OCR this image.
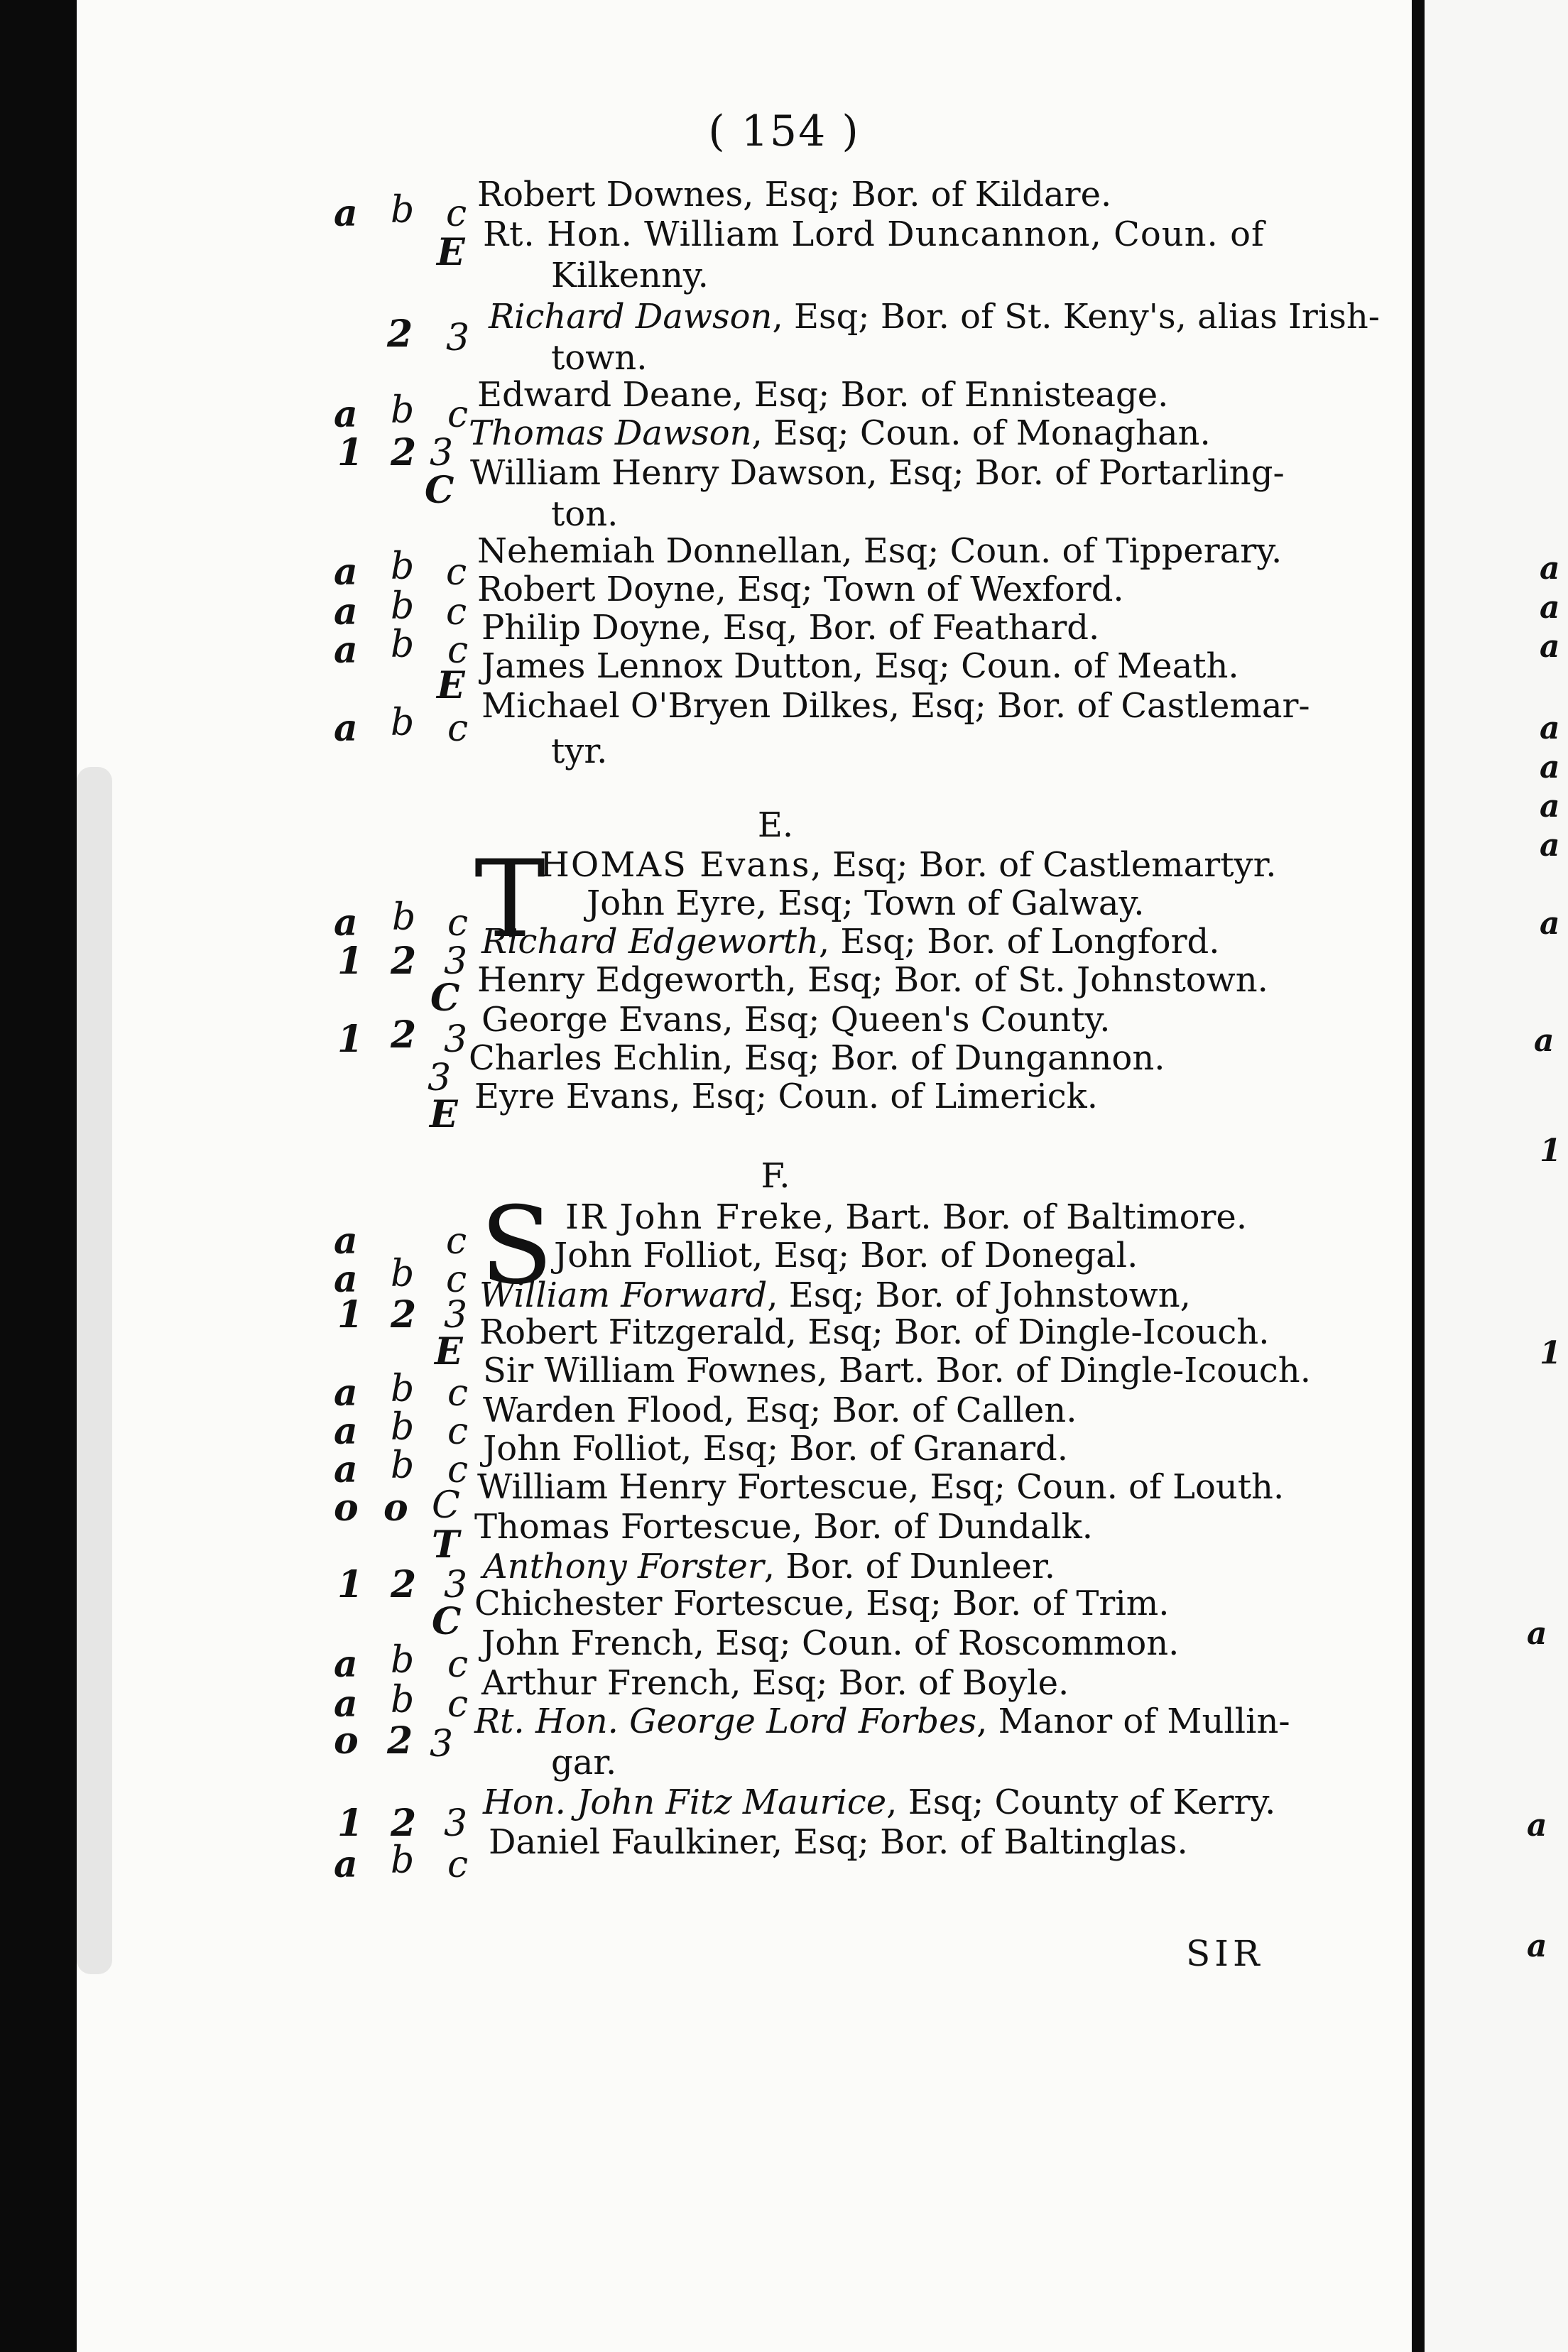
( 154 )
a b c Robert Downes, Esq; Bor. of Kildare.
E Rt. Hon. William Lord Duncannon, Coun. of
Kilkenny.
2 3 Richard Dawson, Esq; Bor. of St. Keny's, alias Irish-
town.
a b c Edward Deane, Esq; Bor. of Ennisteage.
1 2 3 Thomas Dawson, Esq; Coun. of Monaghan.
C William Henry Dawson, Esq; Bor. of Portarling-
ton.
a b c Nehemiah Donnellan, Esq; Coun. of Tipperary.
a b c
Robert Doyne, Esq; Town of Wexford.
a b c
Philip Doyne, Esq, Bor. of Feathard.
E James Lennox Dutton, Esq; Coun. of Meath.
a b c
Michael O'Bryen Dilkes, Esq; Bor. of Castlemar-
tyr.
E.
T
HOMAS Evans, Esq; Bor. of Castlemartyr.
a b c	John Eyre, Esq; Town of Galway.
1 2 3 Richard Edgeworth, Esq; Bor. of Longford.
C Henry Edgeworth, Esq; Bor. of St. Johnstown.
1 2 3 George Evans, Esq; Queen's County.
3 Charles Echlin, Esq; Bor. of Dungannon.
E Eyre Evans, Esq; Coun. of Limerick.
F.
S
a c
IR John Freke, Bart. Bor. of Baltimore.
a b c
John Folliot, Esq; Bor. of Donegal.
1 2 3 William Forward, Esq; Bor. of Johnstown,
E Robert Fitzgerald, Esq; Bor. of Dingle-Icouch.
a b c
Sir William Fownes, Bart. Bor. of Dingle-Icouch.
a b c Warden Flood, Esq; Bor. of Callen.
a b c John Folliot, Esq; Bor. of Granard.
o o C William Henry Fortescue, Esq; Coun. of Louth.
T Thomas Fortescue, Bor. of Dundalk.
1 2 3 Anthony Forster, Bor. of Dunleer.
C Chichester Fortescue, Esq; Bor. of Trim.
a b c John French, Esq; Coun. of Roscommon.
a b c Arthur French, Esq; Bor. of Boyle.
o 2 3
Rt. Hon. George Lord Forbes, Manor of Mullin-
gar.
1 2 3 Hon. John Fitz Maurice, Esq; County of Kerry.
a b c
Daniel Faulkiner, Esq; Bor. of Baltinglas.
SIR
a
a
a
a
a
a
a
a
a
1
1
a
a
a
